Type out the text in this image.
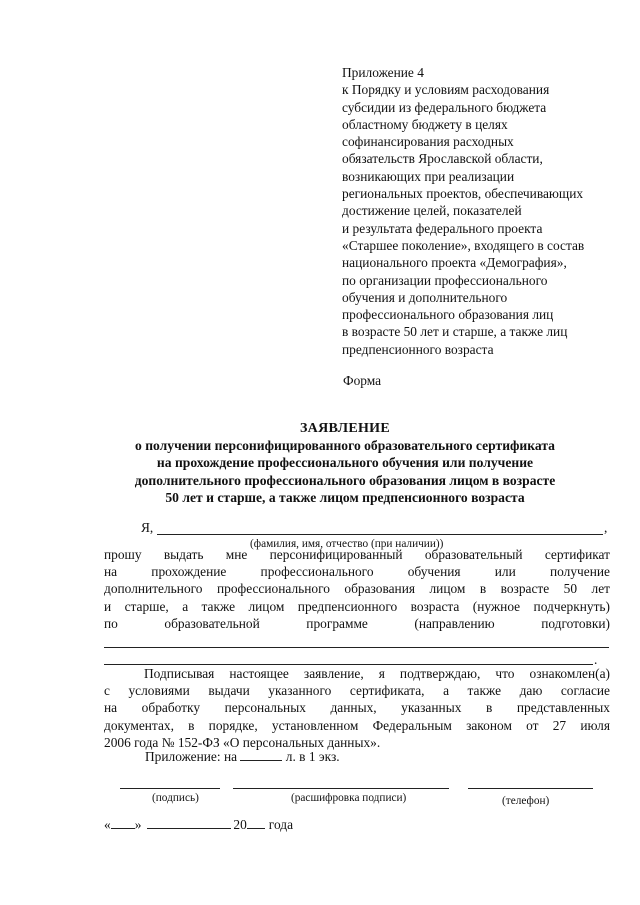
Приложение 4
к Порядку и условиям расходования
субсидии из федерального бюджета
областному бюджету в целях
софинансирования расходных
обязательств Ярославской области,
возникающих при реализации
региональных проектов, обеспечивающих
достижение целей, показателей
и результата федерального проекта
«Старшее поколение», входящего в состав
национального проекта «Демография»,
по организации профессионального
обучения и дополнительного
профессионального образования лиц
в возрасте 50 лет и старше, а также лиц
предпенсионного возраста
Форма
ЗАЯВЛЕНИЕ
о получении персонифицированного образовательного сертификата
на прохождение профессионального обучения или получение
дополнительного профессионального образования лицом в возрасте
50 лет и старше, а также лицом предпенсионного возраста
Я,	,
(фамилия, имя, отчество (при наличии))
прошу выдать мне персонифицированный образовательный сертификат
на прохождение профессионального обучения или получение
дополнительного профессионального образования лицом в возрасте 50 лет
и старше, а также лицом предпенсионного возраста (нужное подчеркнуть)
по образовательной программе (направлению подготовки)
.
Подписывая настоящее заявление, я подтверждаю, что ознакомлен(а)
с условиями выдачи указанного сертификата, а также даю согласие
на обработку персональных данных, указанных в представленных
документах, в порядке, установленном Федеральным законом от 27 июля
2006 года № 152-ФЗ «О персональных данных».
Приложение: на	л. в 1 экз.
(подпись)	(расшифровка подписи)	(телефон)
« »	20 года
